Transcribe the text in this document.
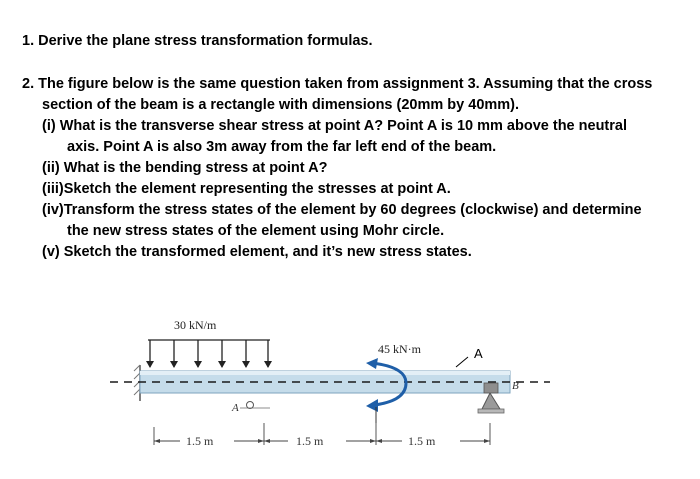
1. Derive the plane stress transformation formulas.
2. The figure below is the same question taken from assignment 3. Assuming that the cross
section of the beam is a rectangle with dimensions (20mm by 40mm).
(i) What is the transverse shear stress at point A? Point A is 10 mm above the neutral
axis. Point A is also 3m away from the far left end of the beam.
(ii) What is the bending stress at point A?
(iii)Sketch the element representing the stresses at point A.
(iv)Transform the stress states of the element by 60 degrees (clockwise) and determine
the new stress states of the element using Mohr circle.
(v) Sketch the transformed element, and it’s new stress states.
30 kN/m
45 kN·m	A
B
A
1.5 m	1.5 m	1.5 m
